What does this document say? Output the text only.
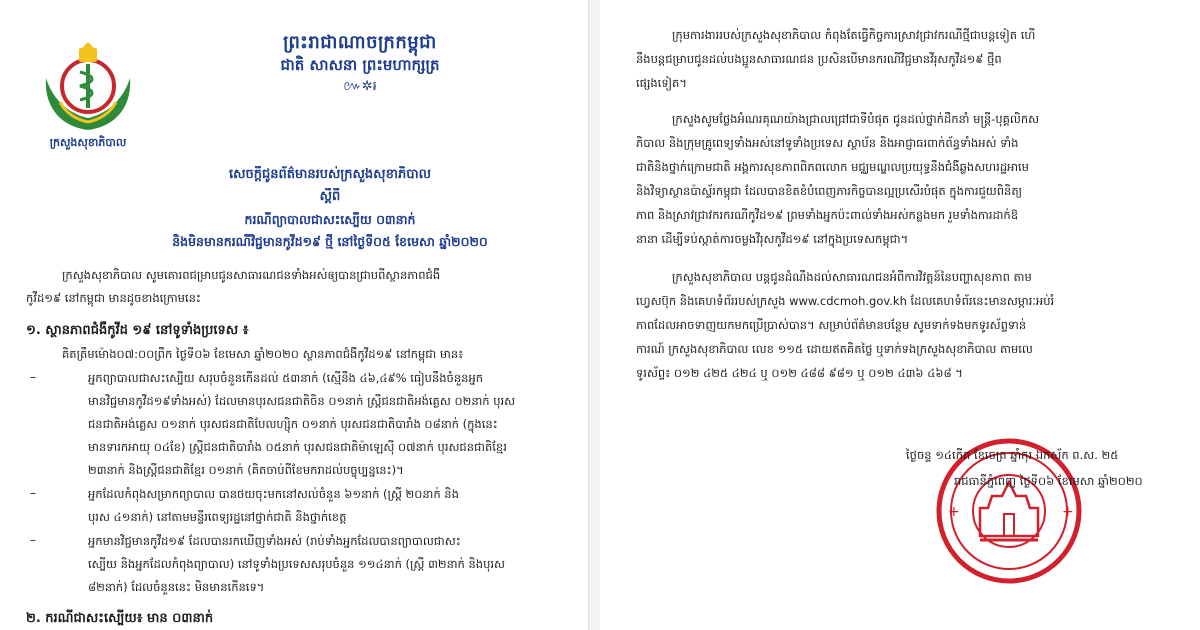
ក្រសួងសុខាភិបាល
ព្រះរាជាណាចក្រកម្ពុជា
ជាតិ សាសនា ព្រះមហាក្សត្រ
៚✲៛
សេចក្តីជូនព័ត៌មានរបស់ក្រសួងសុខាភិបាល
ស្តីពី
ករណីព្យាបាលជាសះស្បើយ ០៣នាក់
និងមិនមានករណីវិជ្ជមានកូវីដ១៩ ថ្មី នៅថ្ងៃទី០៥ ខែមេសា ឆ្នាំ២០២០
ក្រសួងសុខាភិបាល សូមគោរពជម្រាបជូនសាធារណជនទាំងអស់ឲ្យបានជ្រាបពីស្ថានភាពជំងឺ
កូវីដ១៩ នៅកម្ពុជា មានដូចខាងក្រោមនេះ
១. ស្ថានភាពជំងឺកូវីដ ១៩ នៅទូទាំងប្រទេស ៖
គិតត្រឹមម៉ោង០៧:០០ព្រឹក ថ្ងៃទី០៦ ខែមេសា ឆ្នាំ២០២០ ស្ថានភាពជំងឺកូវីដ១៩ នៅកម្ពុជា មាន៖
–	អ្នកព្យាបាលជាសះស្បើយ សរុបចំនួនកើនដល់ ៥៣នាក់ (ស្មើនឹង ៤៦,៤៩% ធៀបនឹងចំនួនអ្នក
មានវិជ្ជមានកូវីដ១៩ទាំងអស់) ដែលមានបុរសជនជាតិចិន ០១នាក់ ស្ត្រីជនជាតិអង់គ្លេស ០២នាក់ បុរស
ជនជាតិអង់គ្លេស ០១នាក់ បុរសជនជាតិបែលហ្ស៊ិក ០១នាក់ បុរសជនជាតិបារាំង ០៨នាក់ (ក្នុងនេះ
មានទារកអាយុ ០៤ខែ) ស្ត្រីជនជាតិបារាំង ០៥នាក់ បុរសជនជាតិម៉ាឡេស៊ី ០៧នាក់ បុរសជនជាតិខ្មែរ
២៣នាក់ និងស្ត្រីជនជាតិខ្មែរ ០១នាក់ (គិតចាប់ពីខែមករាដល់បច្ចុប្បន្ននេះ)។
–	អ្នកដែលកំពុងសម្រាកព្យាបាល បានថយចុះមកនៅសល់ចំនួន ៦១នាក់ (ស្ត្រី ២០នាក់ និង
បុរស ៤១នាក់) នៅតាមមន្ទីរពេទ្យរដ្ឋនៅថ្នាក់ជាតិ និងថ្នាក់ខេត្ត
–	អ្នកមានវិជ្ជមានកូវីដ១៩ ដែលបានរកឃើញទាំងអស់ (រាប់ទាំងអ្នកដែលបានព្យាបាលជាសះ
ស្បើយ និងអ្នកដែលកំពុងព្យាបាល) នៅទូទាំងប្រទេសសរុបចំនួន ១១៤នាក់ (ស្ត្រី ៣២នាក់ និងបុរស
៨២នាក់) ដែលចំនួននេះ មិនមានកើនទេ។
២. ករណីជាសះស្បើយ៖ មាន ០៣នាក់
ក្រុមការងាររបស់ក្រសួងសុខាភិបាល កំពុងតែធ្វើកិច្ចការស្រាវជ្រាវករណីថ្មីជាបន្តទៀត ហើ
នឹងបន្តជម្រាបជូនដល់បងប្អូនសាធារណជន ប្រសិនបើមានករណីវិជ្ជមានវីរុសកូវីដ១៩ ថ្មីព
ផ្សេងទៀត។
ក្រសួងសូមថ្លែងអំណរគុណយ៉ាងជ្រាលជ្រៅជាទីបំផុត ជូនដល់ថ្នាក់ដឹកនាំ មន្ត្រី-បុគ្គលិកស
ភិបាល និងក្រុមគ្រូពេទ្យទាំងអស់នៅទូទាំងប្រទេស ស្ថាប័ន និងអាជ្ញាធរពាក់ព័ន្ធទាំងអស់ ទាំង
ជាតិនិងថ្នាក់ក្រោមជាតិ អង្គការសុខភាពពិភពលោក មជ្ឈមណ្ឌលប្រយុទ្ធនឹងជំងឺឆ្លងសហរដ្ឋអាមេ
និងវិទ្យាស្ថានប៉ាស្ទ័រកម្ពុជា ដែលបានខិតខំបំពេញភារកិច្ចបានល្អប្រសើរបំផុត ក្នុងការជួយពិនិត្យ
ភាព និងស្រាវជ្រាវករករណីកូវីដ១៩ ព្រមទាំងអ្នកប៉ះពាល់ទាំងអស់កន្លងមក រួមទាំងការដាក់ឱ
នានា ដើម្បីទប់ស្កាត់ការចម្លងវីរុសកូវីដ១៩ នៅក្នុងប្រទេសកម្ពុជា។
ក្រសួងសុខាភិបាល បន្តជូនដំណឹងដល់សាធារណជនអំពីការវិវត្តន៍នៃបញ្ហាសុខភាព តាម
ហ្វេសប៊ុក និងគេហទំព័ររបស់ក្រសួង www.cdcmoh.gov.kh ដែលគេហទំព័រនេះមានសម្ភារៈអប់រំ
ភាពដែលអាចទាញយកមកប្រើប្រាស់បាន។ សម្រាប់ព័ត៌មានបន្ថែម សូមទាក់ទងមកទូរស័ព្ទទាន់
ការណ៍ ក្រសួងសុខាភិបាល លេខ ១១៥ ដោយឥតគិតថ្លៃ ឬទាក់ទងក្រសួងសុខាភិបាល តាមលេ
ទូរស័ព្ទ៖ ០១២ ៤២៥ ៤២៤ ឬ ០១២ ៤៨៨ ៩៨១ ឬ ០១២ ៤៣៦ ៤៦៨ ។
+	+
ថ្ងៃចន្ទ ១៤កើត ខែចេត្រ ឆ្នាំកុរ ឯកស័ក ព.ស. ២៥
រាជធានីភ្នំពេញ ថ្ងៃទី០៦ ខែមេសា ឆ្នាំ២០២០
